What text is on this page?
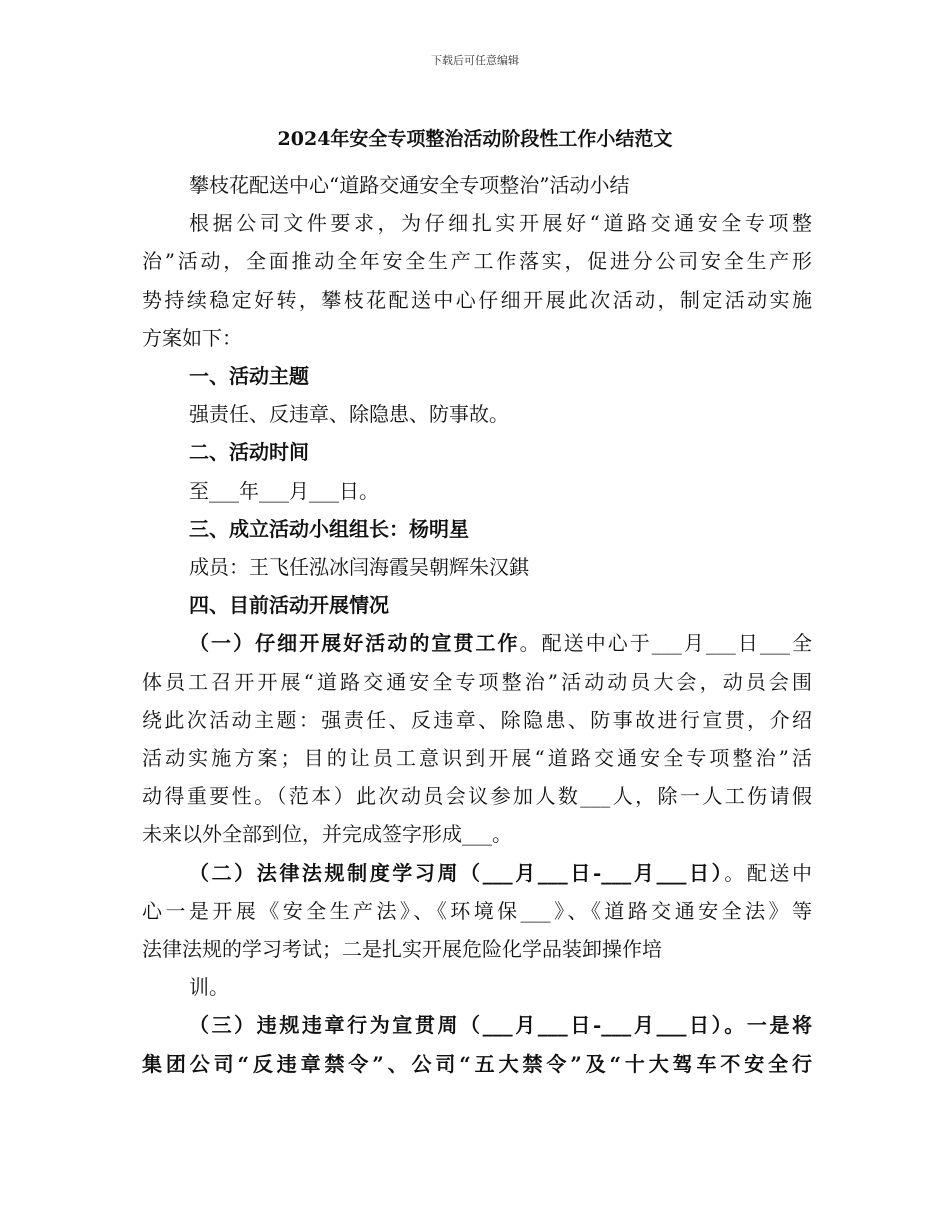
下载后可任意编辑
2024年安全专项整治活动阶段性工作小结范文

攀枝花配送中心“道路交通安全专项整治”活动小结

根据公司文件要求，为仔细扎实开展好“道路交通安全专项整

治”活动，全面推动全年安全生产工作落实，促进分公司安全生产形

势持续稳定好转，攀枝花配送中心仔细开展此次活动，制定活动实施

方案如下：

一、活动主题

强责任、反违章、除隐患、防事故。

二、活动时间

至___年___月___日。

三、成立活动小组组长：杨明星

成员：王飞任泓冰闫海霞吴朝辉朱汉錤

四、目前活动开展情况

（一）仔细开展好活动的宣贯工作。配送中心于___月___日___全

体员工召开开展“道路交通安全专项整治”活动动员大会，动员会围

绕此次活动主题：强责任、反违章、除隐患、防事故进行宣贯，介绍

活动实施方案；目的让员工意识到开展“道路交通安全专项整治”活

动得重要性。（范本）此次动员会议参加人数___人，除一人工伤请假

未来以外全部到位，并完成签字形成___。

（二）法律法规制度学习周（___月___日-___月___日）。配送中

心一是开展《安全生产法》、《环境保___》、《道路交通安全法》等

法律法规的学习考试；二是扎实开展危险化学品装卸操作培

训。

（三）违规违章行为宣贯周（___月___日-___月___日）。一是将

集团公司“反违章禁令”、公司“五大禁令”及“十大驾车不安全行
